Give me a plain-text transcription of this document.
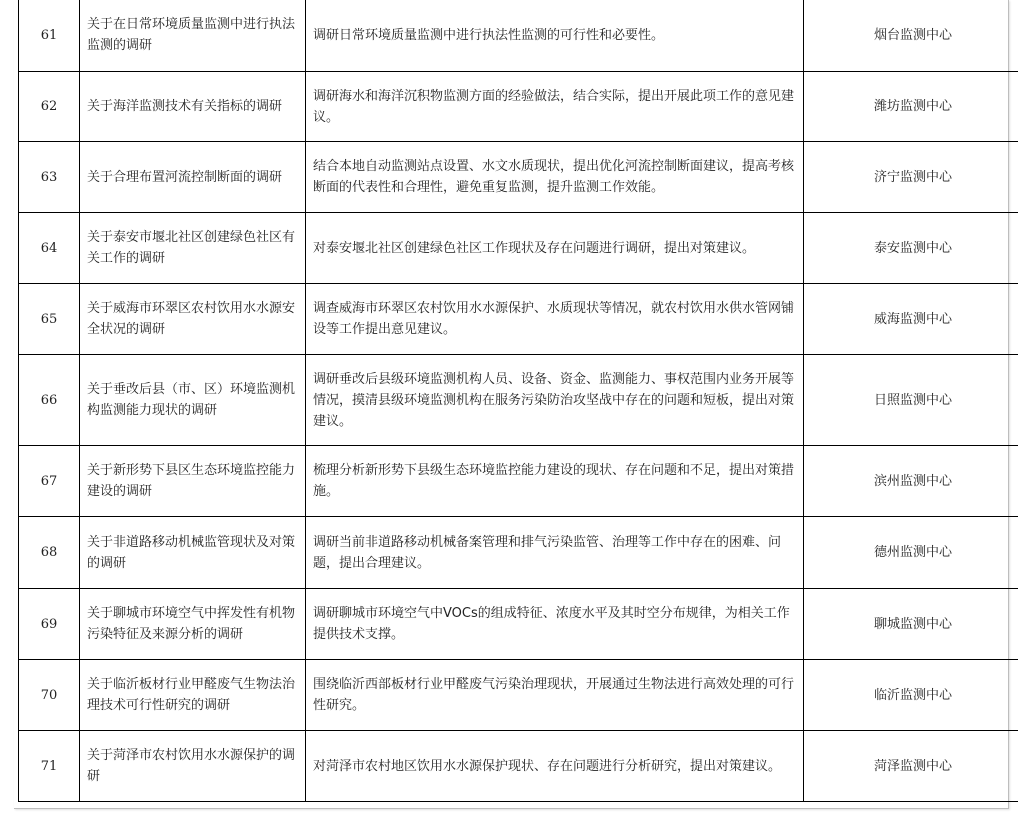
61	关于在日常环境质量监测中进行执法监测的调研	调研日常环境质量监测中进行执法性监测的可行性和必要性。	烟台监测中心
62	关于海洋监测技术有关指标的调研	调研海水和海洋沉积物监测方面的经验做法，结合实际，提出开展此项工作的意见建议。	潍坊监测中心
63	关于合理布置河流控制断面的调研	结合本地自动监测站点设置、水文水质现状，提出优化河流控制断面建议，提高考核断面的代表性和合理性，避免重复监测，提升监测工作效能。	济宁监测中心
64	关于泰安市堰北社区创建绿色社区有关工作的调研	对泰安堰北社区创建绿色社区工作现状及存在问题进行调研，提出对策建议。	泰安监测中心
65	关于威海市环翠区农村饮用水水源安全状况的调研	调查威海市环翠区农村饮用水水源保护、水质现状等情况，就农村饮用水供水管网铺设等工作提出意见建议。	威海监测中心
66	关于垂改后县（市、区）环境监测机构监测能力现状的调研	调研垂改后县级环境监测机构人员、设备、资金、监测能力、事权范围内业务开展等情况，摸清县级环境监测机构在服务污染防治攻坚战中存在的问题和短板，提出对策建议。	日照监测中心
67	关于新形势下县区生态环境监控能力建设的调研	梳理分析新形势下县级生态环境监控能力建设的现状、存在问题和不足，提出对策措施。	滨州监测中心
68	关于非道路移动机械监管现状及对策的调研	调研当前非道路移动机械备案管理和排气污染监管、治理等工作中存在的困难、问题，提出合理建议。	德州监测中心
69	关于聊城市环境空气中挥发性有机物污染特征及来源分析的调研	调研聊城市环境空气中VOCs的组成特征、浓度水平及其时空分布规律，为相关工作提供技术支撑。	聊城监测中心
70	关于临沂板材行业甲醛废气生物法治理技术可行性研究的调研	围绕临沂西部板材行业甲醛废气污染治理现状，开展通过生物法进行高效处理的可行性研究。	临沂监测中心
71	关于菏泽市农村饮用水水源保护的调研	对菏泽市农村地区饮用水水源保护现状、存在问题进行分析研究，提出对策建议。	菏泽监测中心
